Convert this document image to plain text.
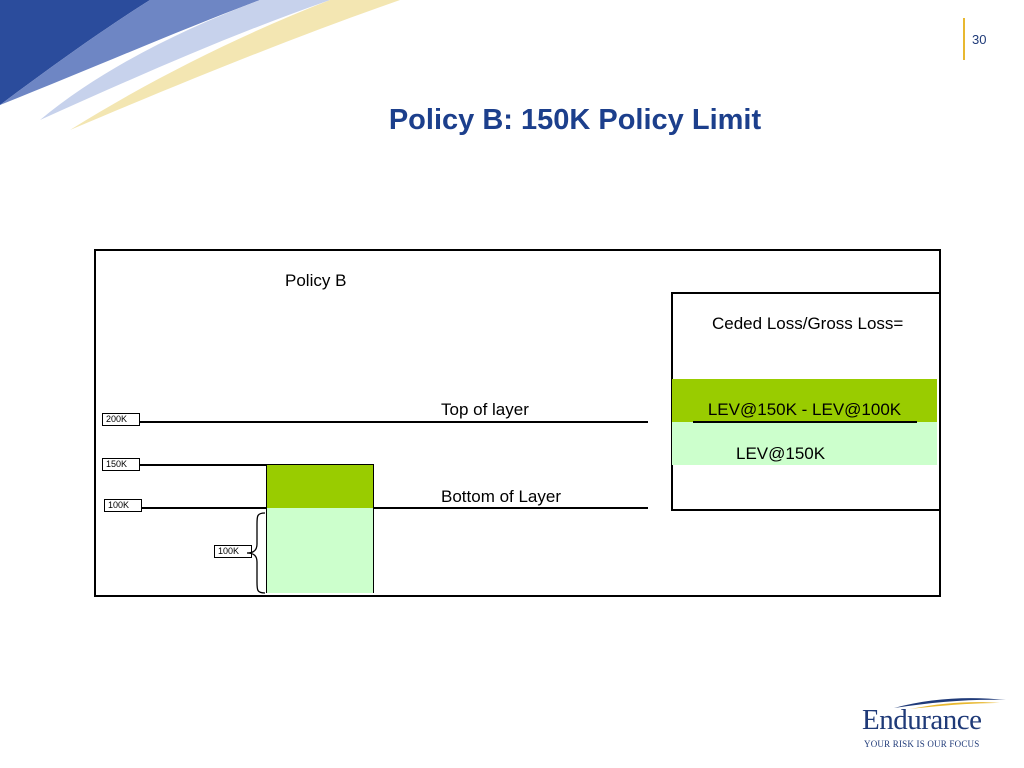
30
Policy B: 150K Policy Limit
Policy B
200K
150K
100K
100K
Top of layer
Bottom of Layer
Ceded Loss/Gross Loss=
LEV@150K - LEV@100K
LEV@150K
Endurance
YOUR RISK IS OUR FOCUS
